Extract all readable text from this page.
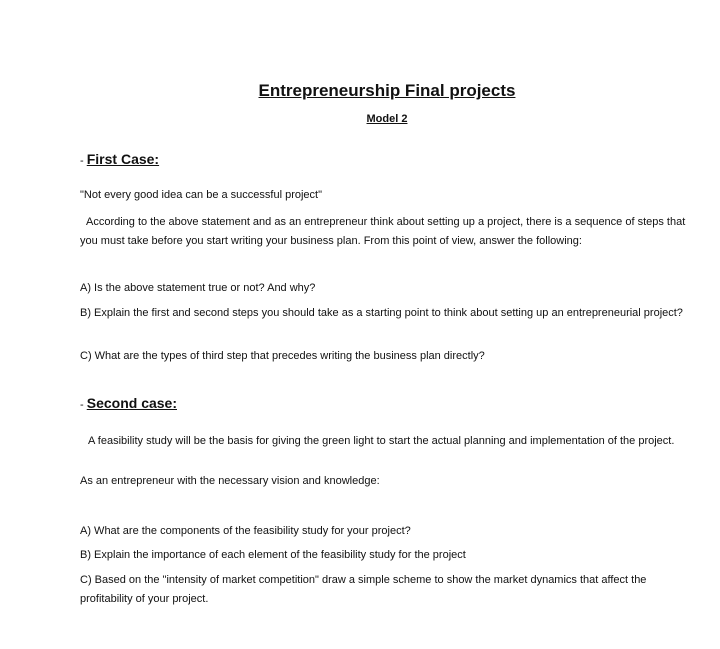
Entrepreneurship Final projects
Model 2
- First Case:
"Not every good idea can be a successful project"
According to the above statement and as an entrepreneur think about setting up a project, there is a sequence of steps that you must take before you start writing your business plan. From this point of view, answer the following:
A) Is the above statement true or not? And why?
B) Explain the first and second steps you should take as a starting point to think about setting up an entrepreneurial project?
C) What are the types of third step that precedes writing the business plan directly?
- Second case:
A feasibility study will be the basis for giving the green light to start the actual planning and implementation of the project.
As an entrepreneur with the necessary vision and knowledge:
A) What are the components of the feasibility study for your project?
B) Explain the importance of each element of the feasibility study for the project
C) Based on the "intensity of market competition" draw a simple scheme to show the market dynamics that affect the profitability of your project.
